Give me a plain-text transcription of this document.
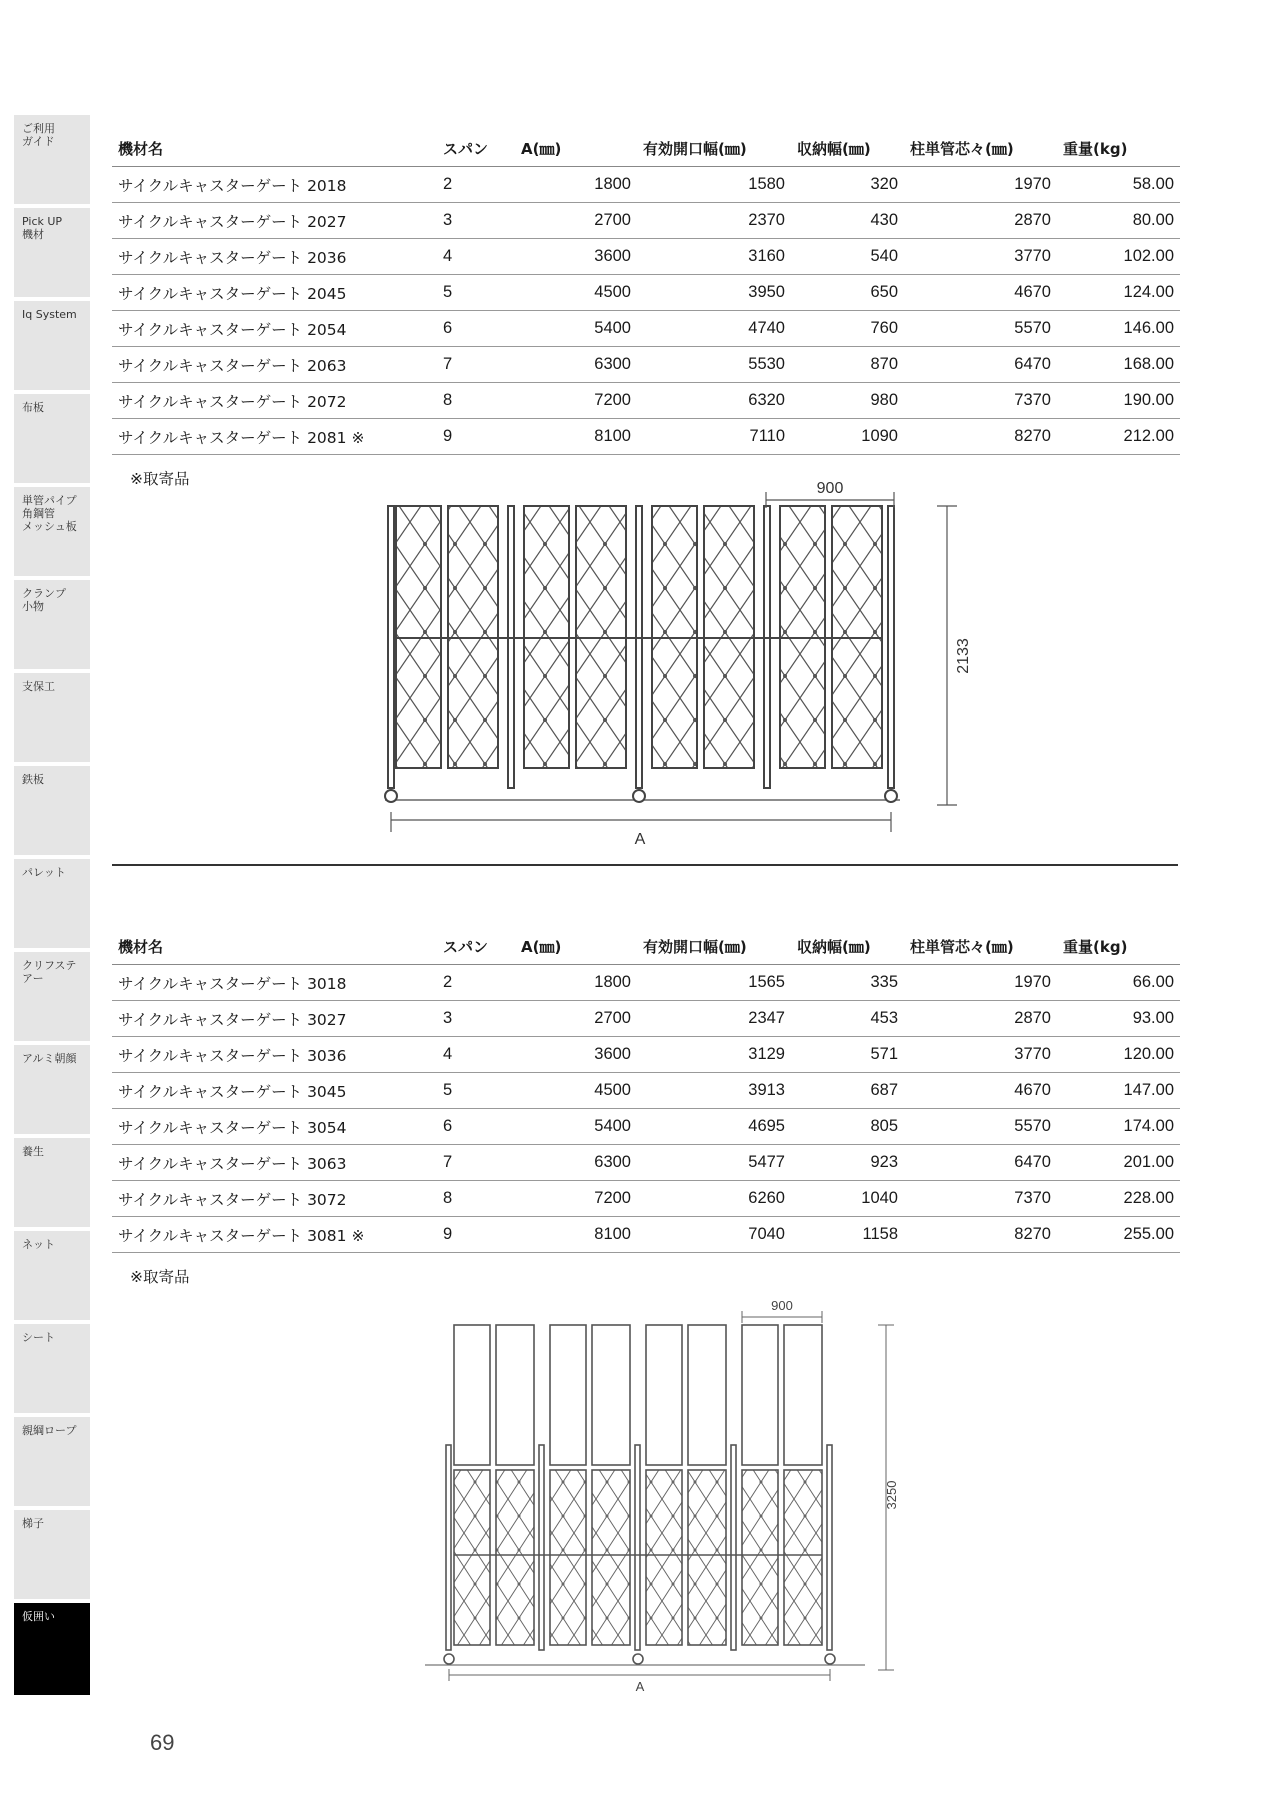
ご利用
ガイド
Pick UP
機材
Iq System
布板
単管パイプ
角鋼管
メッシュ板
クランプ
小物
支保工
鉄板
パレット
クリフステ
アー
アルミ朝顔
養生
ネット
シート
親綱ロープ
梯子
仮囲い
機材名	スパン	A(㎜)	有効開口幅(㎜)	収納幅(㎜)	柱単管芯々(㎜)	重量(kg)
サイクルキャスターゲート 2018	2	1800	1580	320	1970	58.00
サイクルキャスターゲート 2027	3	2700	2370	430	2870	80.00
サイクルキャスターゲート 2036	4	3600	3160	540	3770	102.00
サイクルキャスターゲート 2045	5	4500	3950	650	4670	124.00
サイクルキャスターゲート 2054	6	5400	4740	760	5570	146.00
サイクルキャスターゲート 2063	7	6300	5530	870	6470	168.00
サイクルキャスターゲート 2072	8	7200	6320	980	7370	190.00
サイクルキャスターゲート 2081 ※	9	8100	7110	1090	8270	212.00
※取寄品
900
2133
A
機材名	スパン	A(㎜)	有効開口幅(㎜)	収納幅(㎜)	柱単管芯々(㎜)	重量(kg)
サイクルキャスターゲート 3018	2	1800	1565	335	1970	66.00
サイクルキャスターゲート 3027	3	2700	2347	453	2870	93.00
サイクルキャスターゲート 3036	4	3600	3129	571	3770	120.00
サイクルキャスターゲート 3045	5	4500	3913	687	4670	147.00
サイクルキャスターゲート 3054	6	5400	4695	805	5570	174.00
サイクルキャスターゲート 3063	7	6300	5477	923	6470	201.00
サイクルキャスターゲート 3072	8	7200	6260	1040	7370	228.00
サイクルキャスターゲート 3081 ※	9	8100	7040	1158	8270	255.00
※取寄品
900
3250
A
69
